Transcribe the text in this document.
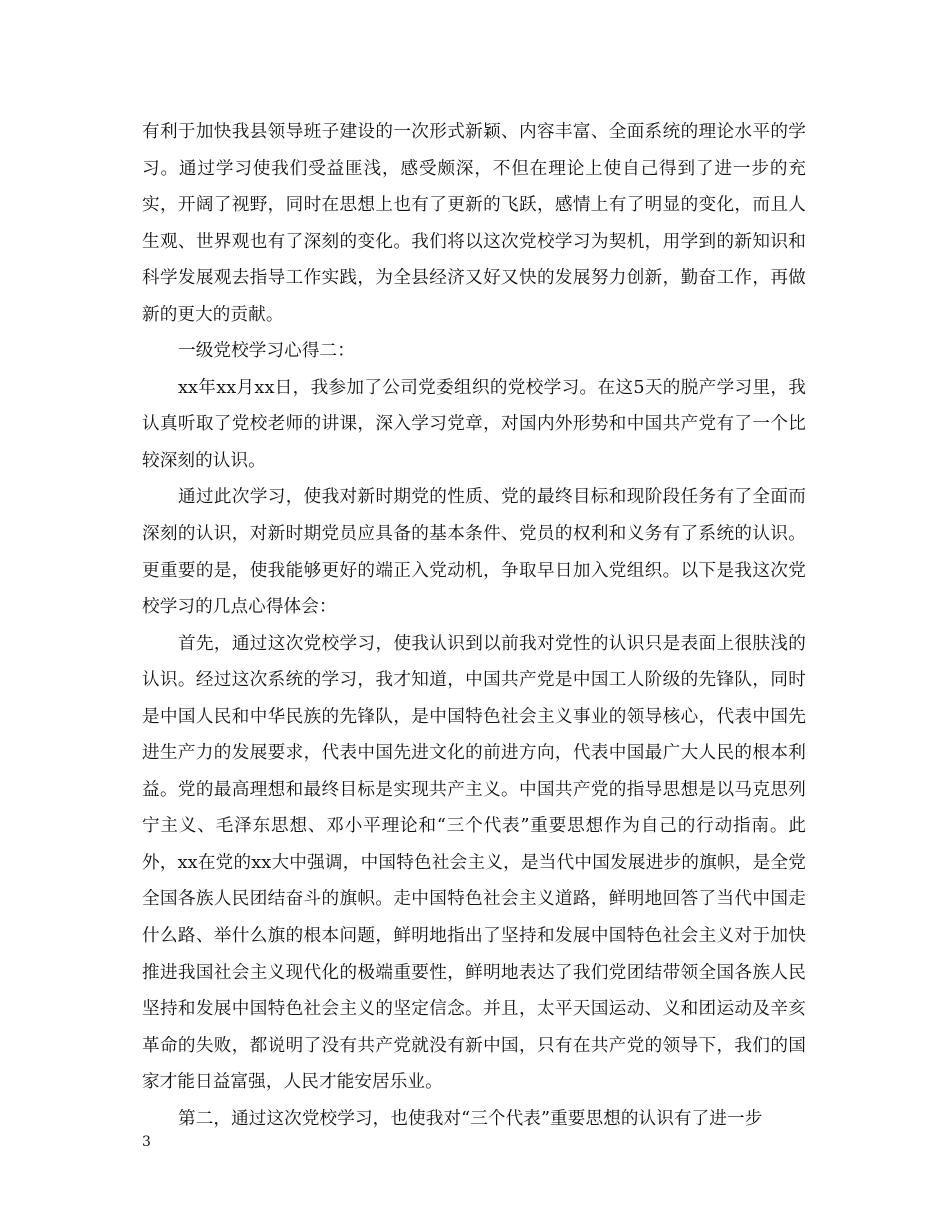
有利于加快我县领导班子建设的一次形式新颖、内容丰富、全面系统的理论水平的学习。通过学习使我们受益匪浅，感受颇深，不但在理论上使自己得到了进一步的充实，开阔了视野，同时在思想上也有了更新的飞跃，感情上有了明显的变化，而且人生观、世界观也有了深刻的变化。我们将以这次党校学习为契机，用学到的新知识和科学发展观去指导工作实践，为全县经济又好又快的发展努力创新，勤奋工作，再做新的更大的贡献。

一级党校学习心得二：

xx年xx月xx日，我参加了公司党委组织的党校学习。在这5天的脱产学习里，我认真听取了党校老师的讲课，深入学习党章，对国内外形势和中国共产党有了一个比较深刻的认识。

通过此次学习，使我对新时期党的性质、党的最终目标和现阶段任务有了全面而深刻的认识，对新时期党员应具备的基本条件、党员的权利和义务有了系统的认识。更重要的是，使我能够更好的端正入党动机，争取早日加入党组织。以下是我这次党校学习的几点心得体会：

首先，通过这次党校学习，使我认识到以前我对党性的认识只是表面上很肤浅的认识。经过这次系统的学习，我才知道，中国共产党是中国工人阶级的先锋队，同时是中国人民和中华民族的先锋队，是中国特色社会主义事业的领导核心，代表中国先进生产力的发展要求，代表中国先进文化的前进方向，代表中国最广大人民的根本利益。党的最高理想和最终目标是实现共产主义。中国共产党的指导思想是以马克思列宁主义、毛泽东思想、邓小平理论和“三个代表”重要思想作为自己的行动指南。此外，xx在党的xx大中强调，中国特色社会主义，是当代中国发展进步的旗帜，是全党全国各族人民团结奋斗的旗帜。走中国特色社会主义道路，鲜明地回答了当代中国走什么路、举什么旗的根本问题，鲜明地指出了坚持和发展中国特色社会主义对于加快推进我国社会主义现代化的极端重要性，鲜明地表达了我们党团结带领全国各族人民坚持和发展中国特色社会主义的坚定信念。并且，太平天国运动、义和团运动及辛亥革命的失败，都说明了没有共产党就没有新中国，只有在共产党的领导下，我们的国家才能日益富强，人民才能安居乐业。

第二，通过这次党校学习，也使我对“三个代表”重要思想的认识有了进一步

3
